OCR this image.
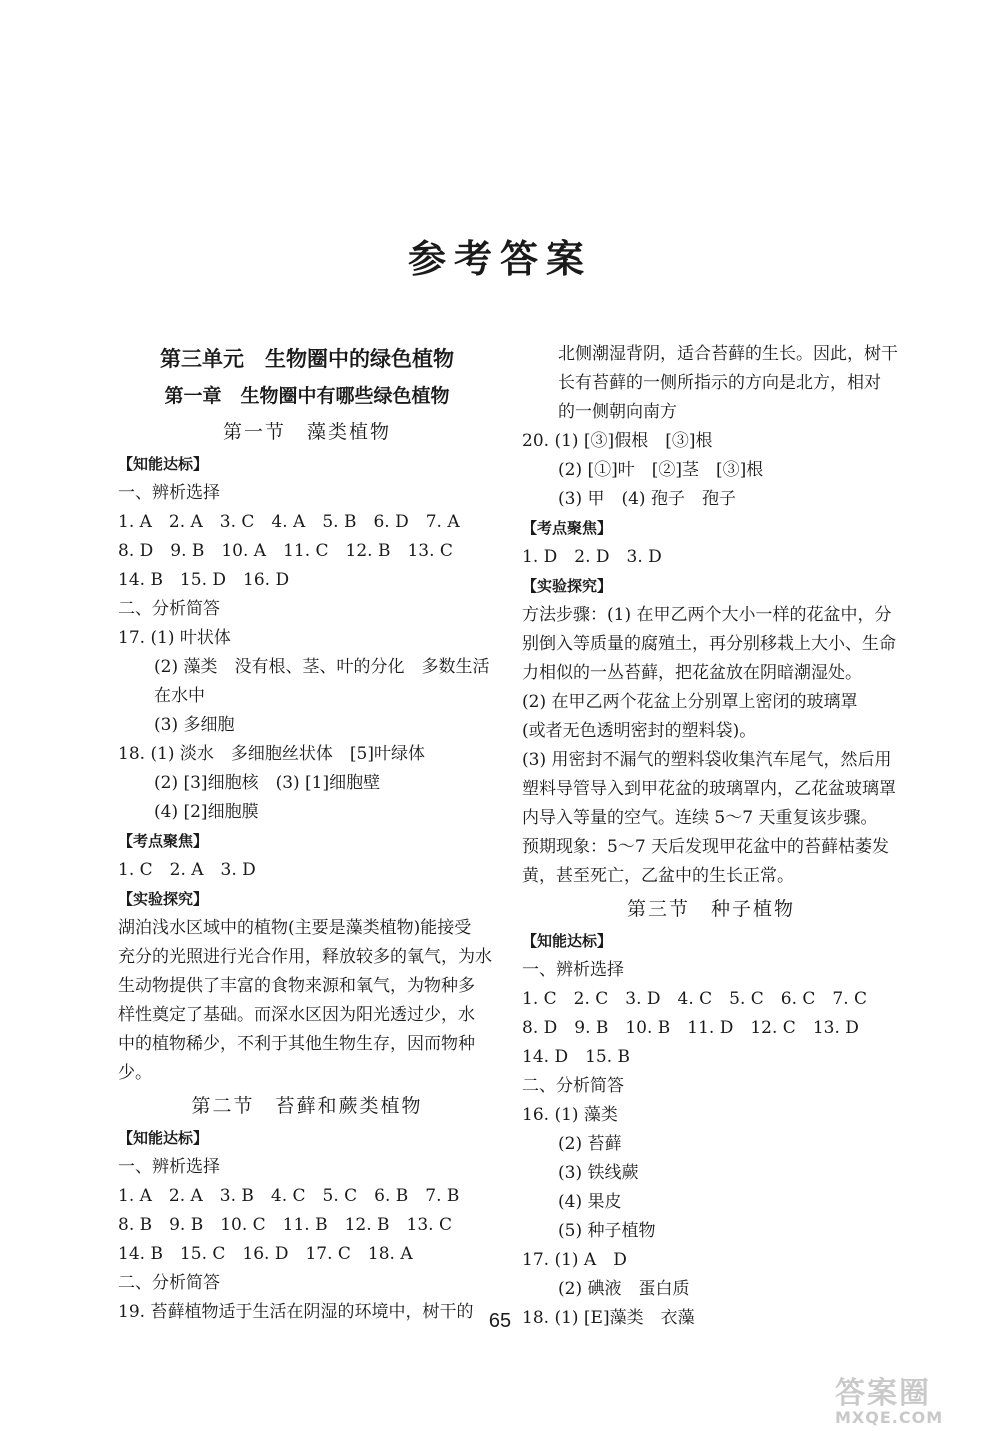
参考答案
第三单元　生物圈中的绿色植物
第一章　生物圈中有哪些绿色植物
第一节　藻类植物
【知能达标】
一、辨析选择
1. A　2. A　3. C　4. A　5. B　6. D　7. A
8. D　9. B　10. A　11. C　12. B　13. C
14. B　15. D　16. D
二、分析简答
17. (1) 叶状体
(2) 藻类　没有根、茎、叶的分化　多数生活
在水中
(3) 多细胞
18. (1) 淡水　多细胞丝状体　[5]叶绿体
(2) [3]细胞核　(3) [1]细胞壁
(4) [2]细胞膜
【考点聚焦】
1. C　2. A　3. D
【实验探究】
湖泊浅水区域中的植物(主要是藻类植物)能接受
充分的光照进行光合作用，释放较多的氧气，为水
生动物提供了丰富的食物来源和氧气，为物种多
样性奠定了基础。而深水区因为阳光透过少，水
中的植物稀少，不利于其他生物生存，因而物种
少。
第二节　苔藓和蕨类植物
【知能达标】
一、辨析选择
1. A　2. A　3. B　4. C　5. C　6. B　7. B
8. B　9. B　10. C　11. B　12. B　13. C
14. B　15. C　16. D　17. C　18. A
二、分析简答
19. 苔藓植物适于生活在阴湿的环境中，树干的
北侧潮湿背阴，适合苔藓的生长。因此，树干
长有苔藓的一侧所指示的方向是北方，相对
的一侧朝向南方
20. (1) [③]假根　[③]根
(2) [①]叶　[②]茎　[③]根
(3) 甲　(4) 孢子　孢子
【考点聚焦】
1. D　2. D　3. D
【实验探究】
方法步骤：(1) 在甲乙两个大小一样的花盆中，分
别倒入等质量的腐殖土，再分别移栽上大小、生命
力相似的一丛苔藓，把花盆放在阴暗潮湿处。
(2) 在甲乙两个花盆上分别罩上密闭的玻璃罩
(或者无色透明密封的塑料袋)。
(3) 用密封不漏气的塑料袋收集汽车尾气，然后用
塑料导管导入到甲花盆的玻璃罩内，乙花盆玻璃罩
内导入等量的空气。连续 5～7 天重复该步骤。
预期现象：5～7 天后发现甲花盆中的苔藓枯萎发
黄，甚至死亡，乙盆中的生长正常。
第三节　种子植物
【知能达标】
一、辨析选择
1. C　2. C　3. D　4. C　5. C　6. C　7. C
8. D　9. B　10. B　11. D　12. C　13. D
14. D　15. B
二、分析简答
16. (1) 藻类
(2) 苔藓
(3) 铁线蕨
(4) 果皮
(5) 种子植物
17. (1) A　D
(2) 碘液　蛋白质
18. (1) [E]藻类　衣藻
65
答案圈
MXQE.COM
